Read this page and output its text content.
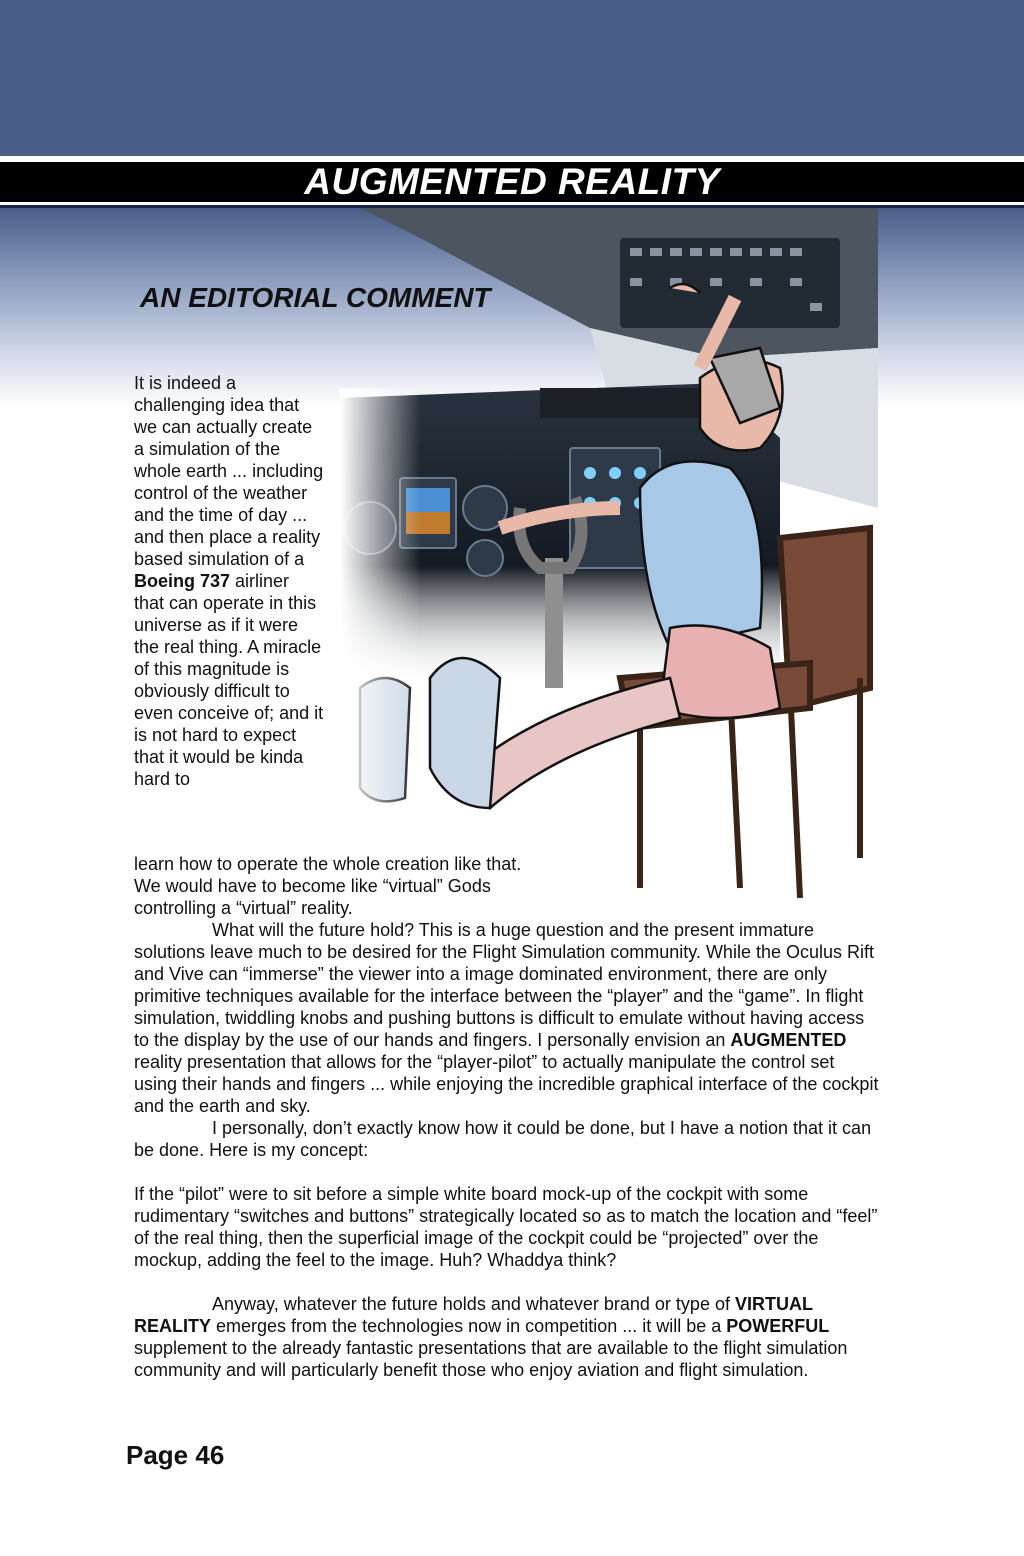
AUGMENTED REALITY
AN EDITORIAL COMMENT

It is indeed a challenging idea that we can actually create a simulation of the whole earth ... including control of the weather and the time of day ... and then place a reality based simulation of a Boeing 737 airliner that can operate in this universe as if it were the real thing. A miracle of this magnitude is obviously difficult to even conceive of; and it is not hard to expect that it would be kinda hard to

learn how to operate the whole creation like that.

We would have to become like “virtual” Gods

controlling a “virtual” reality.

What will the future hold? This is a huge question and the present immature solutions leave much to be desired for the Flight Simulation community. While the Oculus Rift and Vive can “immerse” the viewer into a image dominated environment, there are only primitive techniques available for the interface between the “player” and the “game”. In flight simulation, twiddling knobs and pushing buttons is difficult to emulate without having access to the display by the use of our hands and fingers. I personally envision an AUGMENTED reality presentation that allows for the “player-pilot” to actually manipulate the control set using their hands and fingers ... while enjoying the incredible graphical interface of the cockpit and the earth and sky.

I personally, don’t exactly know how it could be done, but I have a notion that it can be done. Here is my concept:

If the “pilot” were to sit before a simple white board mock-up of the cockpit with some rudimentary “switches and buttons” strategically located so as to match the location and “feel” of the real thing, then the superficial image of the cockpit could be “projected” over the mockup, adding the feel to the image. Huh? Whaddya think?

Anyway, whatever the future holds and whatever brand or type of VIRTUAL REALITY emerges from the technologies now in competition ... it will be a POWERFUL supplement to the already fantastic presentations that are available to the flight simulation community and will particularly benefit those who enjoy aviation and flight simulation.

Page 46
